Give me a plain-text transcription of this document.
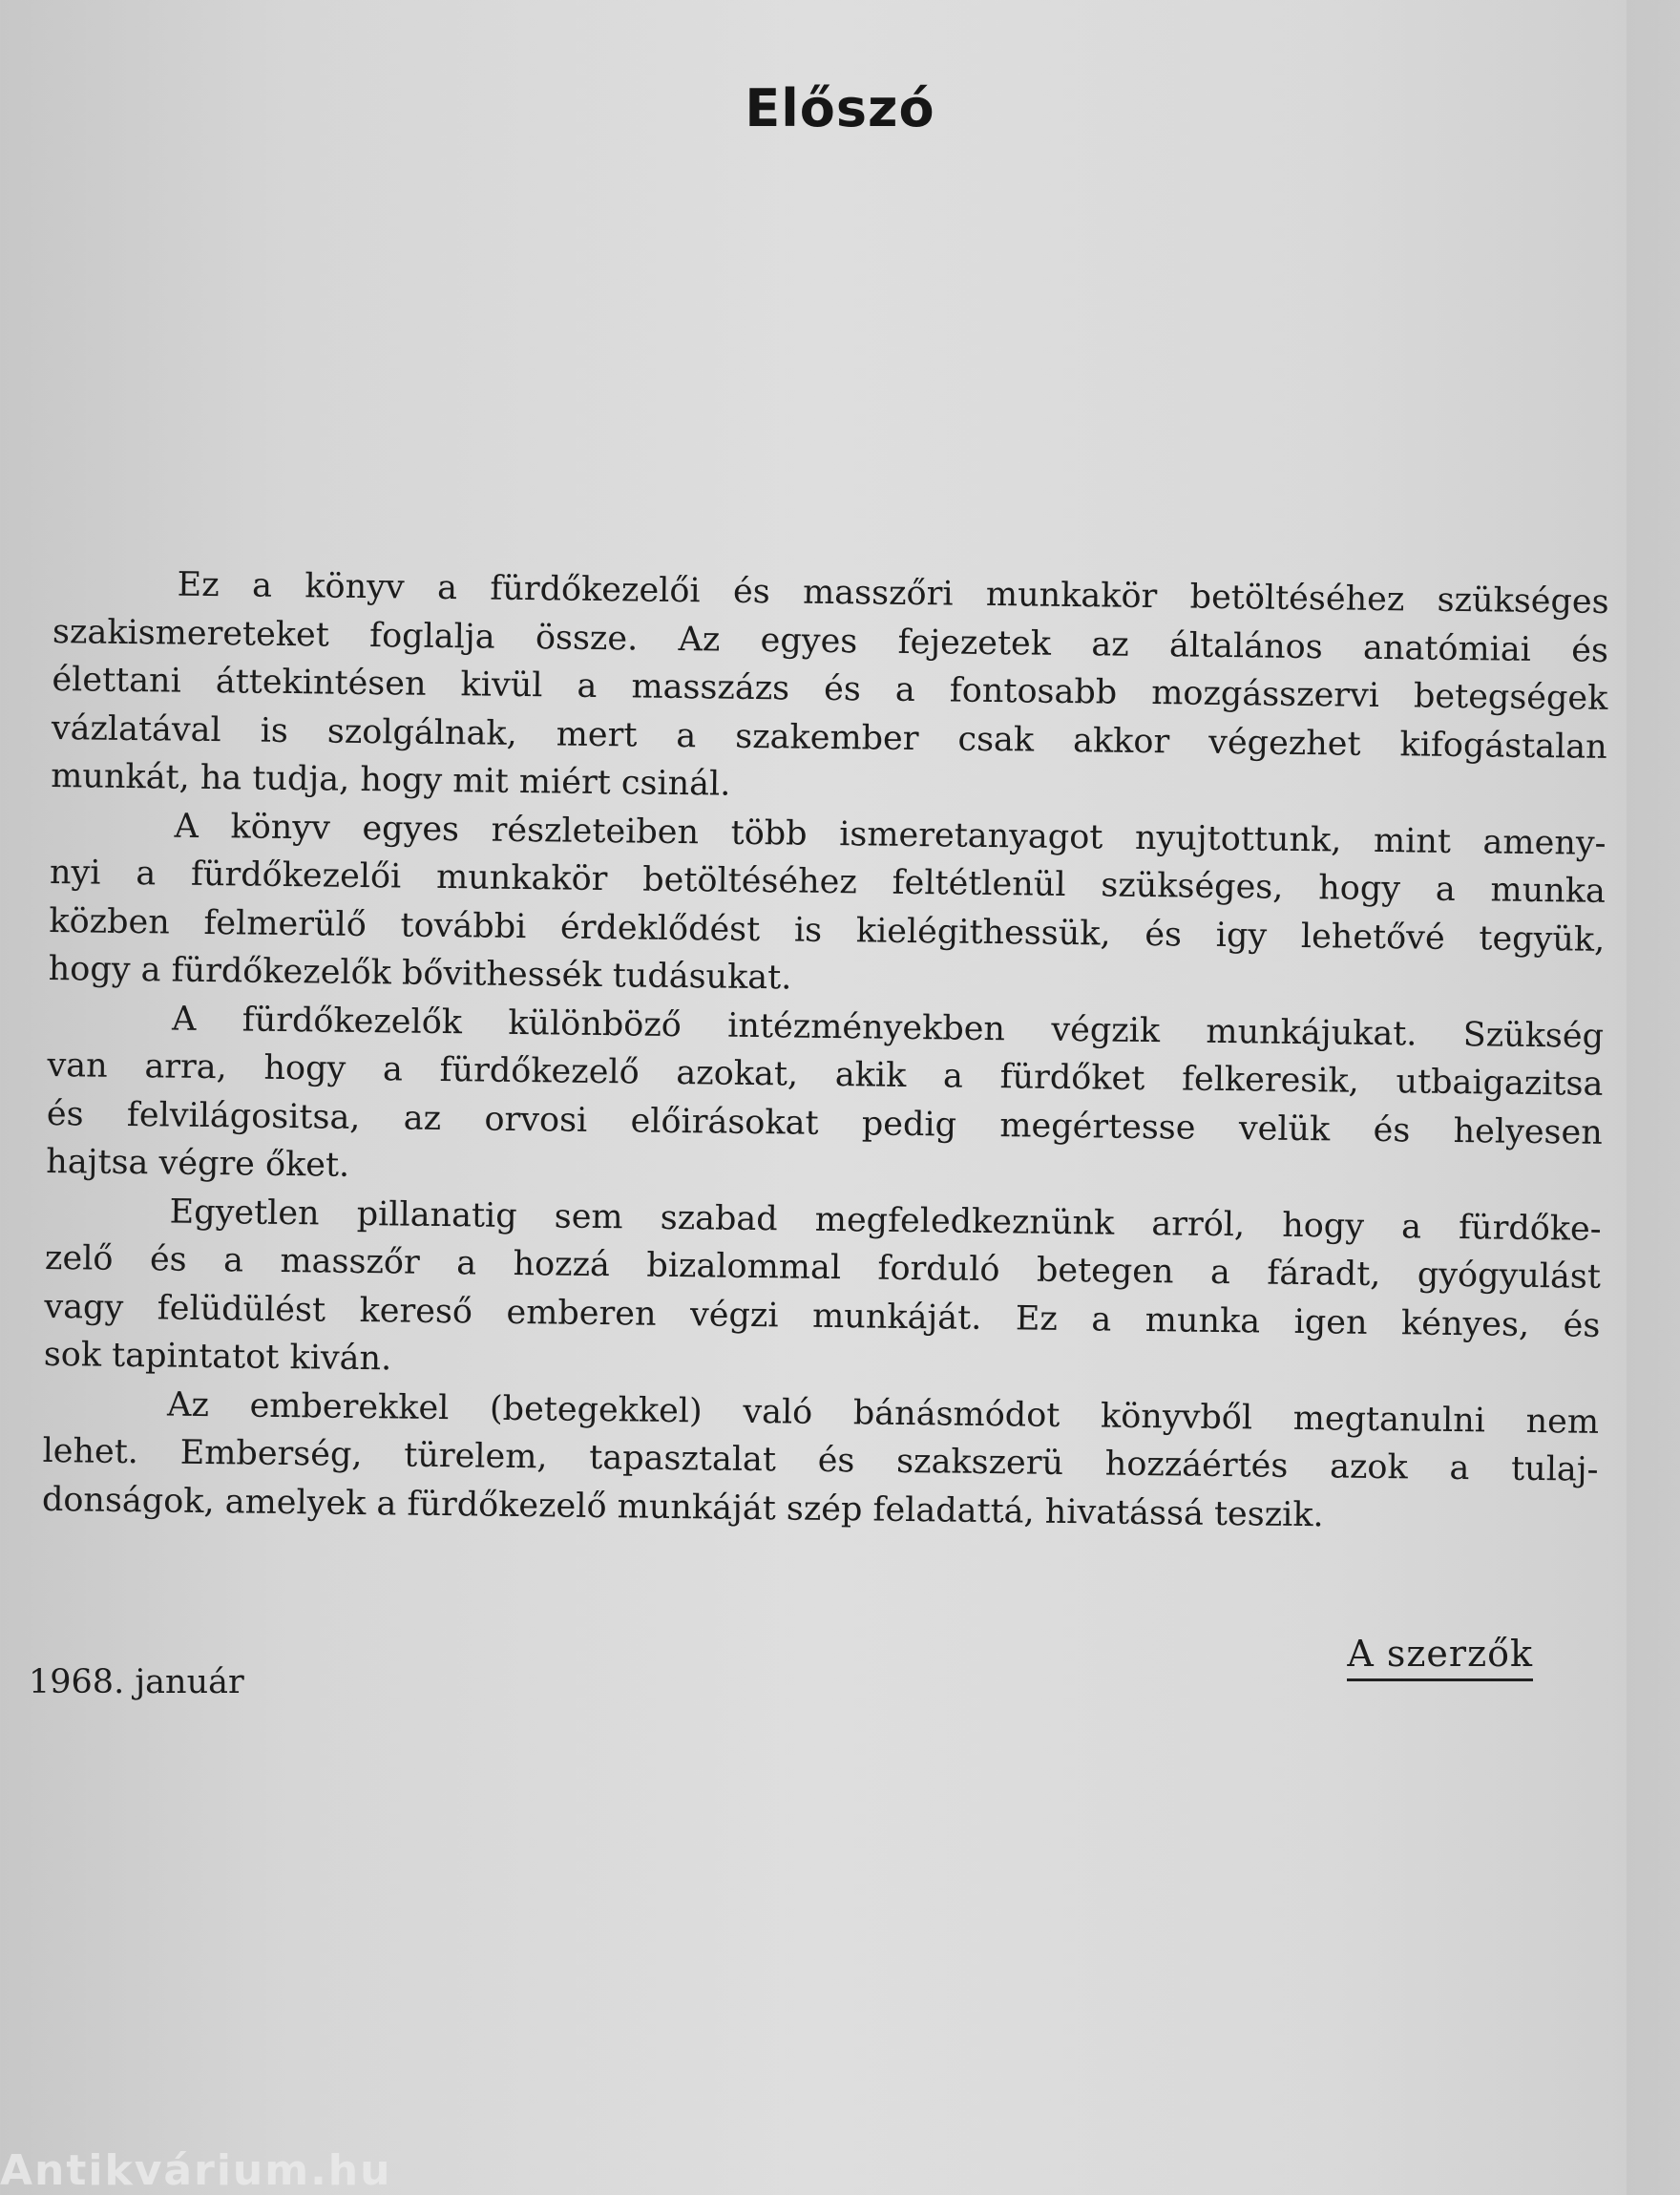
Előszó
Ez a könyv a fürdőkezelői és masszőri munkakör betöltéséhez szükséges
szakismereteket foglalja össze. Az egyes fejezetek az általános anatómiai és
élettani áttekintésen kivül a masszázs és a fontosabb mozgásszervi betegségek
vázlatával is szolgálnak, mert a szakember csak akkor végezhet kifogástalan
munkát, ha tudja, hogy mit miért csinál.
A könyv egyes részleteiben több ismeretanyagot nyujtottunk, mint ameny-
nyi a fürdőkezelői munkakör betöltéséhez feltétlenül szükséges, hogy a munka
közben felmerülő további érdeklődést is kielégithessük, és igy lehetővé tegyük,
hogy a fürdőkezelők bővithessék tudásukat.
A fürdőkezelők különböző intézményekben végzik munkájukat. Szükség
van arra, hogy a fürdőkezelő azokat, akik a fürdőket felkeresik, utbaigazitsa
és felvilágositsa, az orvosi előirásokat pedig megértesse velük és helyesen
hajtsa végre őket.
Egyetlen pillanatig sem szabad megfeledkeznünk arról, hogy a fürdőke-
zelő és a masszőr a hozzá bizalommal forduló betegen a fáradt, gyógyulást
vagy felüdülést kereső emberen végzi munkáját. Ez a munka igen kényes, és
sok tapintatot kiván.
Az emberekkel (betegekkel) való bánásmódot könyvből megtanulni nem
lehet. Emberség, türelem, tapasztalat és szakszerü hozzáértés azok a tulaj-
donságok, amelyek a fürdőkezelő munkáját szép feladattá, hivatássá teszik.
1968. január
A szerzők
Antikvárium.hu
